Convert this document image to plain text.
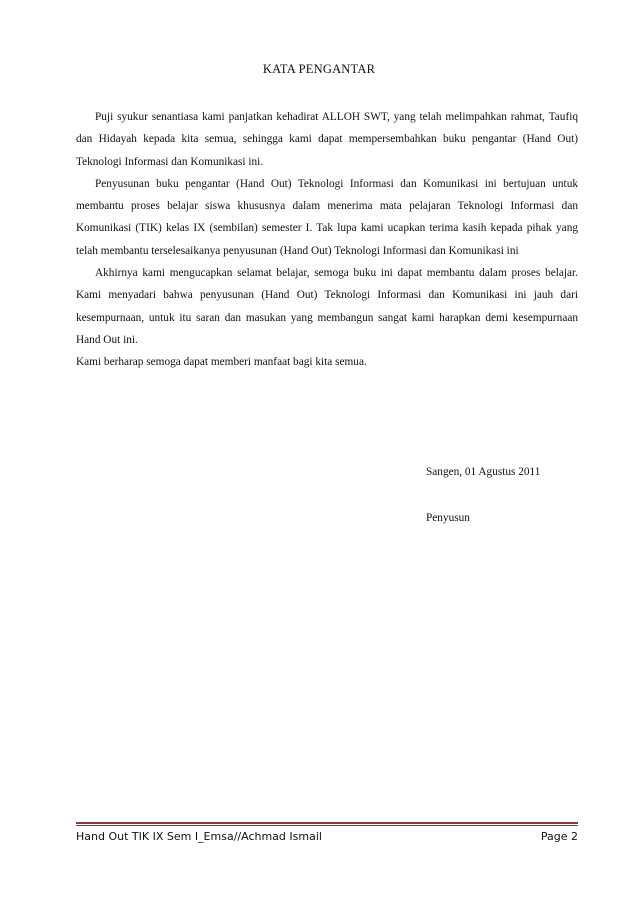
KATA PENGANTAR

Puji syukur senantiasa kami panjatkan kehadirat ALLOH SWT, yang telah melimpahkan rahmat, Taufiq dan Hidayah kepada kita semua, sehingga kami dapat mempersembahkan buku pengantar (Hand Out) Teknologi Informasi dan Komunikasi ini.

Penyusunan buku pengantar (Hand Out) Teknologi Informasi dan Komunikasi ini bertujuan untuk membantu proses belajar siswa khususnya dalam menerima mata pelajaran Teknologi Informasi dan Komunikasi (TIK) kelas IX (sembilan) semester I. Tak lupa kami ucapkan terima kasih kepada pihak yang telah membantu terselesaikanya penyusunan (Hand Out) Teknologi Informasi dan Komunikasi ini

Akhirnya kami mengucapkan selamat belajar, semoga buku ini dapat membantu dalam proses belajar. Kami menyadari bahwa penyusunan (Hand Out) Teknologi Informasi dan Komunikasi ini jauh dari kesempurnaan, untuk itu saran dan masukan yang membangun sangat kami harapkan demi kesempurnaan Hand Out ini.

Kami berharap semoga dapat memberi manfaat bagi kita semua.

Sangen, 01 Agustus 2011
Penyusun
Hand Out TIK IX Sem I_Emsa//Achmad Ismail	Page 2
